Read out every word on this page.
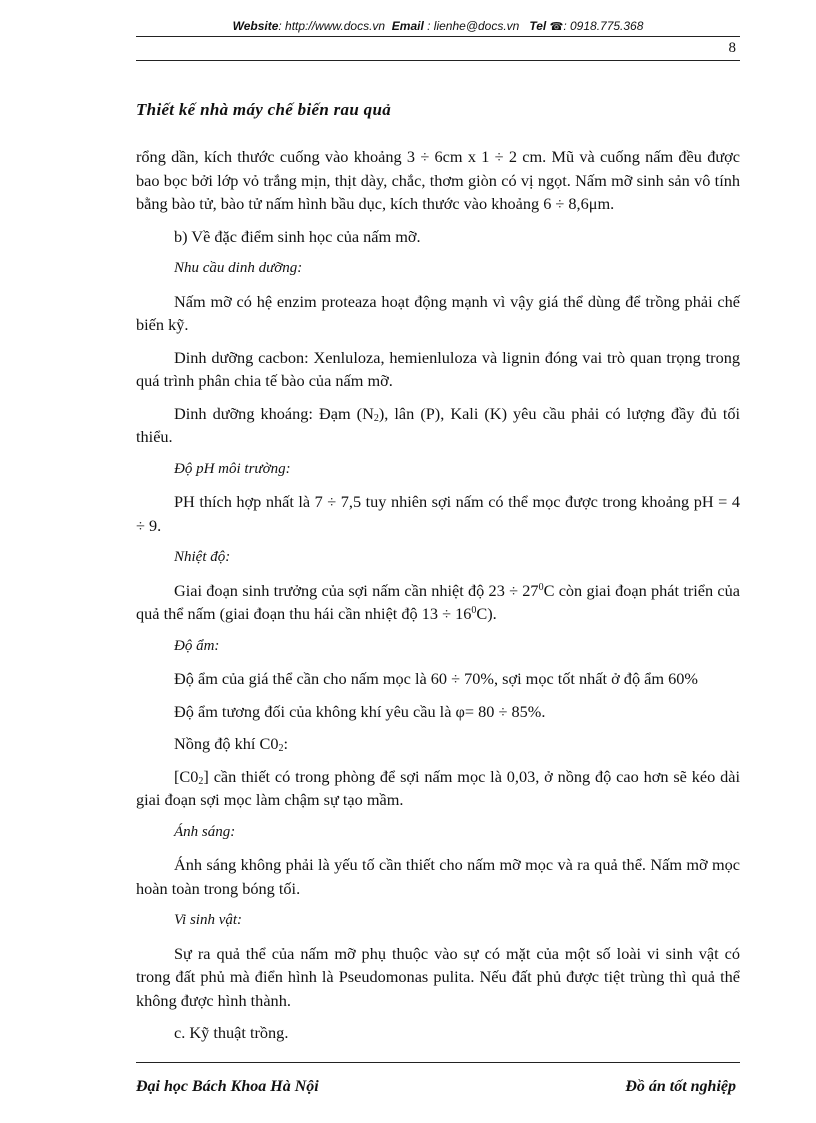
Website: http://www.docs.vn Email : lienhe@docs.vn Tel ☎: 0918.775.368
8
Thiết kế nhà máy chế biến rau quả

rổng dần, kích thước cuống vào khoảng 3 ÷ 6cm x 1 ÷ 2 cm. Mũ và cuống nấm đều được bao bọc bởi lớp vỏ trắng mịn, thịt dày, chắc, thơm giòn có vị ngọt. Nấm mỡ sinh sản vô tính bằng bào tử, bào tử nấm hình bầu dục, kích thước vào khoảng 6 ÷ 8,6μm.

b) Về đặc điểm sinh học của nấm mỡ.

Nhu cầu dinh dưỡng:

Nấm mỡ có hệ enzim proteaza hoạt động mạnh vì vậy giá thể dùng để trồng phải chế biến kỹ.

Dinh dưỡng cacbon: Xenluloza, hemienluloza và lignin đóng vai trò quan trọng trong quá trình phân chia tế bào của nấm mỡ.

Dinh dưỡng khoáng: Đạm $(N_2)$, lân (P), Kali (K) yêu cầu phải có lượng đầy đủ tối thiểu.

Độ pH môi trường:

PH thích hợp nhất là 7 ÷ 7,5 tuy nhiên sợi nấm có thể mọc được trong khoảng pH = 4 ÷ 9.

Nhiệt độ:

Giai đoạn sinh trưởng của sợi nấm cần nhiệt độ $23 \div 27^0C$ còn giai đoạn phát triển của quả thể nấm (giai đoạn thu hái cần nhiệt độ $13 \div 16^0C$).

Độ ẩm:

Độ ẩm của giá thể cần cho nấm mọc là 60 ÷ 70%, sợi mọc tốt nhất ở độ ẩm 60%

Độ ẩm tương đối của không khí yêu cầu là φ= 80 ÷ 85%.

Nồng độ khí $C0_2$:

$[C0_2]$ cần thiết có trong phòng để sợi nấm mọc là 0,03, ở nồng độ cao hơn sẽ kéo dài giai đoạn sợi mọc làm chậm sự tạo mầm.

Ánh sáng:

Ánh sáng không phải là yếu tố cần thiết cho nấm mỡ mọc và ra quả thể. Nấm mỡ mọc hoàn toàn trong bóng tối.

Vi sinh vật:

Sự ra quả thể của nấm mỡ phụ thuộc vào sự có mặt của một số loài vi sinh vật có trong đất phủ mà điển hình là Pseudomonas pulita. Nếu đất phủ được tiệt trùng thì quả thể không được hình thành.

c. Kỹ thuật trồng.

Đại học Bách Khoa Hà Nội	Đồ án tốt nghiệp
